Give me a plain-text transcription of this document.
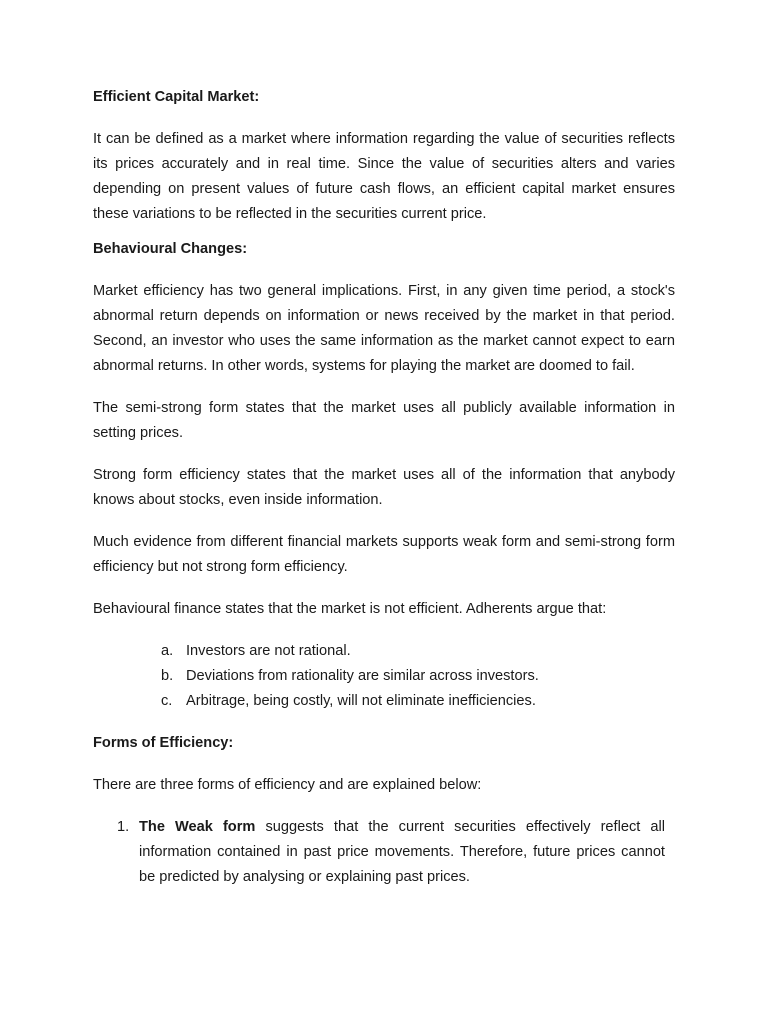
Efficient Capital Market:

It can be defined as a market where information regarding the value of securities reflects its prices accurately and in real time. Since the value of securities alters and varies depending on present values of future cash flows, an efficient capital market ensures these variations to be reflected in the securities current price.

Behavioural Changes:

Market efficiency has two general implications. First, in any given time period, a stock's abnormal return depends on information or news received by the market in that period. Second, an investor who uses the same information as the market cannot expect to earn abnormal returns. In other words, systems for playing the market are doomed to fail.

The semi-strong form states that the market uses all publicly available information in setting prices.

Strong form efficiency states that the market uses all of the information that anybody knows about stocks, even inside information.

Much evidence from different financial markets supports weak form and semi-strong form efficiency but not strong form efficiency.

Behavioural finance states that the market is not efficient. Adherents argue that:

a. Investors are not rational.
b. Deviations from rationality are similar across investors.
c. Arbitrage, being costly, will not eliminate inefficiencies.

Forms of Efficiency:

There are three forms of efficiency and are explained below:

1. The Weak form suggests that the current securities effectively reflect all information contained in past price movements. Therefore, future prices cannot be predicted by analysing or explaining past prices.
